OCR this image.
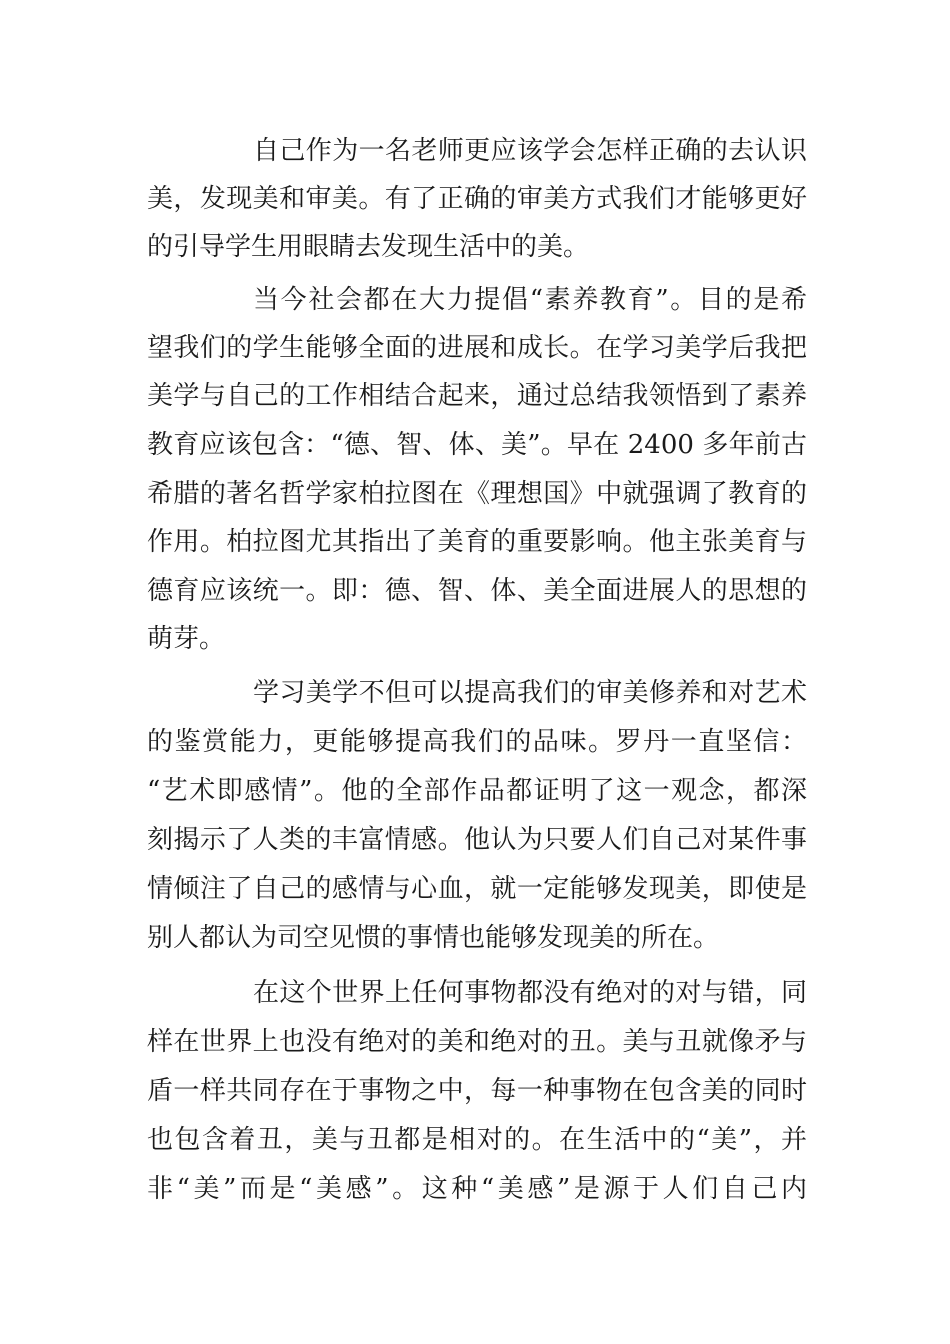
自己作为一名老师更应该学会怎样正确的去认识
美，发现美和审美。有了正确的审美方式我们才能够更好
的引导学生用眼睛去发现生活中的美。
当今社会都在大力提倡“素养教育”。目的是希
望我们的学生能够全面的进展和成长。在学习美学后我把
美学与自己的工作相结合起来，通过总结我领悟到了素养
教育应该包含：“德、智、体、美”。早在 2400 多年前古
希腊的著名哲学家柏拉图在《理想国》中就强调了教育的
作用。柏拉图尤其指出了美育的重要影响。他主张美育与
德育应该统一。即：德、智、体、美全面进展人的思想的
萌芽。
学习美学不但可以提高我们的审美修养和对艺术
的鉴赏能力，更能够提高我们的品味。罗丹一直坚信：
“艺术即感情”。他的全部作品都证明了这一观念，都深
刻揭示了人类的丰富情感。他认为只要人们自己对某件事
情倾注了自己的感情与心血，就一定能够发现美，即使是
别人都认为司空见惯的事情也能够发现美的所在。
在这个世界上任何事物都没有绝对的对与错，同
样在世界上也没有绝对的美和绝对的丑。美与丑就像矛与
盾一样共同存在于事物之中，每一种事物在包含美的同时
也包含着丑，美与丑都是相对的。在生活中的“美”，并
非“美”而是“美感”。这种“美感”是源于人们自己内
